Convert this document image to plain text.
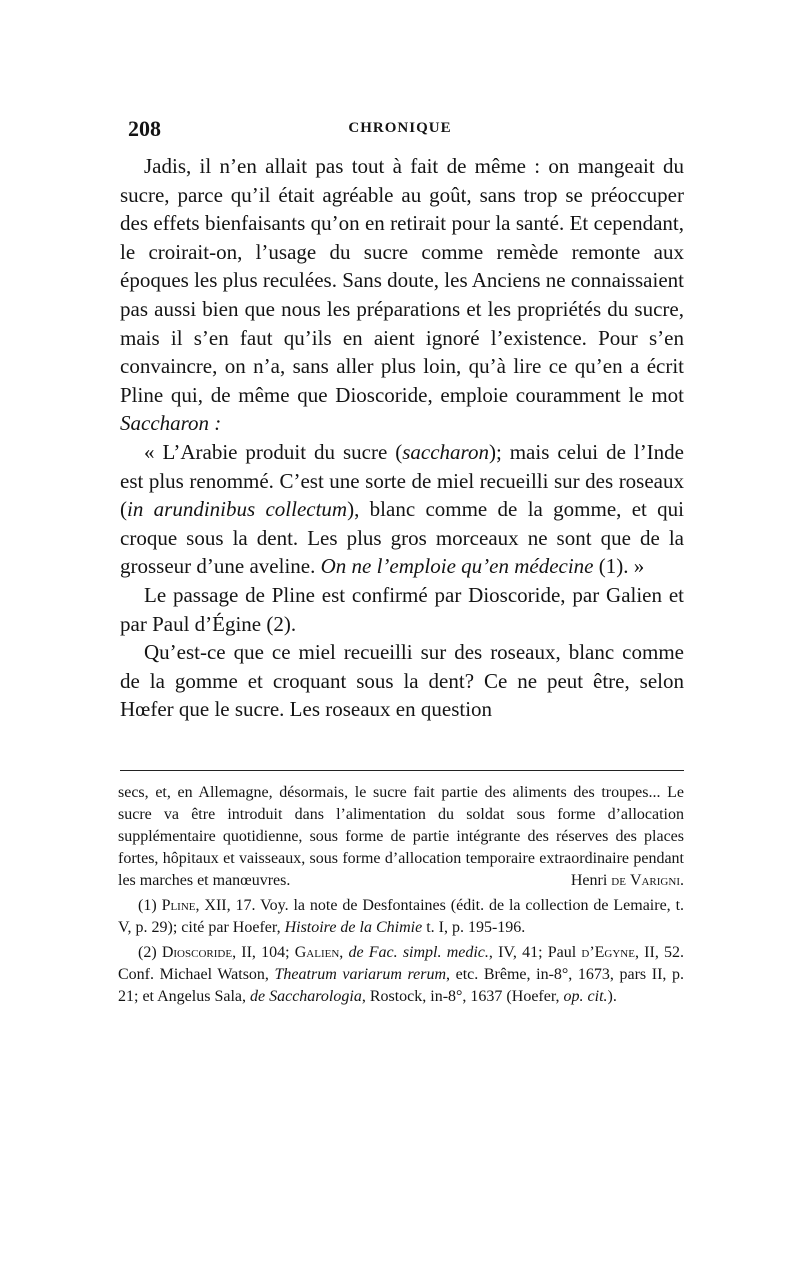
208	CHRONIQUE

Jadis, il n’en allait pas tout à fait de même : on mangeait du sucre, parce qu’il était agréable au goût, sans trop se préoccuper des effets bienfaisants qu’on en retirait pour la santé. Et cependant, le croirait-on, l’usage du sucre comme remède remonte aux époques les plus reculées. Sans doute, les Anciens ne connaissaient pas aussi bien que nous les préparations et les propriétés du sucre, mais il s’en faut qu’ils en aient ignoré l’existence. Pour s’en convaincre, on n’a, sans aller plus loin, qu’à lire ce qu’en a écrit Pline qui, de même que Dioscoride, emploie couramment le mot Saccharon :

« L’Arabie produit du sucre (saccharon); mais celui de l’Inde est plus renommé. C’est une sorte de miel recueilli sur des roseaux (in arundinibus collectum), blanc comme de la gomme, et qui croque sous la dent. Les plus gros morceaux ne sont que de la grosseur d’une aveline. On ne l’emploie qu’en médecine (1). »

Le passage de Pline est confirmé par Dioscoride, par Galien et par Paul d’Égine (2).

Qu’est-ce que ce miel recueilli sur des roseaux, blanc comme de la gomme et croquant sous la dent? Ce ne peut être, selon Hœfer que le sucre. Les roseaux en question

secs, et, en Allemagne, désormais, le sucre fait partie des aliments des troupes... Le sucre va être introduit dans l’alimentation du soldat sous forme d’allocation supplémentaire quotidienne, sous forme de partie intégrante des réserves des places fortes, hôpitaux et vaisseaux, sous forme d’allocation temporaire extraordinaire pendant les marches et manœuvres.	Henri de Varigni.

(1) Pline, XII, 17. Voy. la note de Desfontaines (édit. de la collection de Lemaire, t. V, p. 29); cité par Hoefer, Histoire de la Chimie t. I, p. 195-196.

(2) Dioscoride, II, 104; Galien, de Fac. simpl. medic., IV, 41; Paul d’Egyne, II, 52. Conf. Michael Watson, Theatrum variarum rerum, etc. Brême, in-8°, 1673, pars II, p. 21; et Angelus Sala, de Saccharologia, Rostock, in-8°, 1637 (Hoefer, op. cit.).
